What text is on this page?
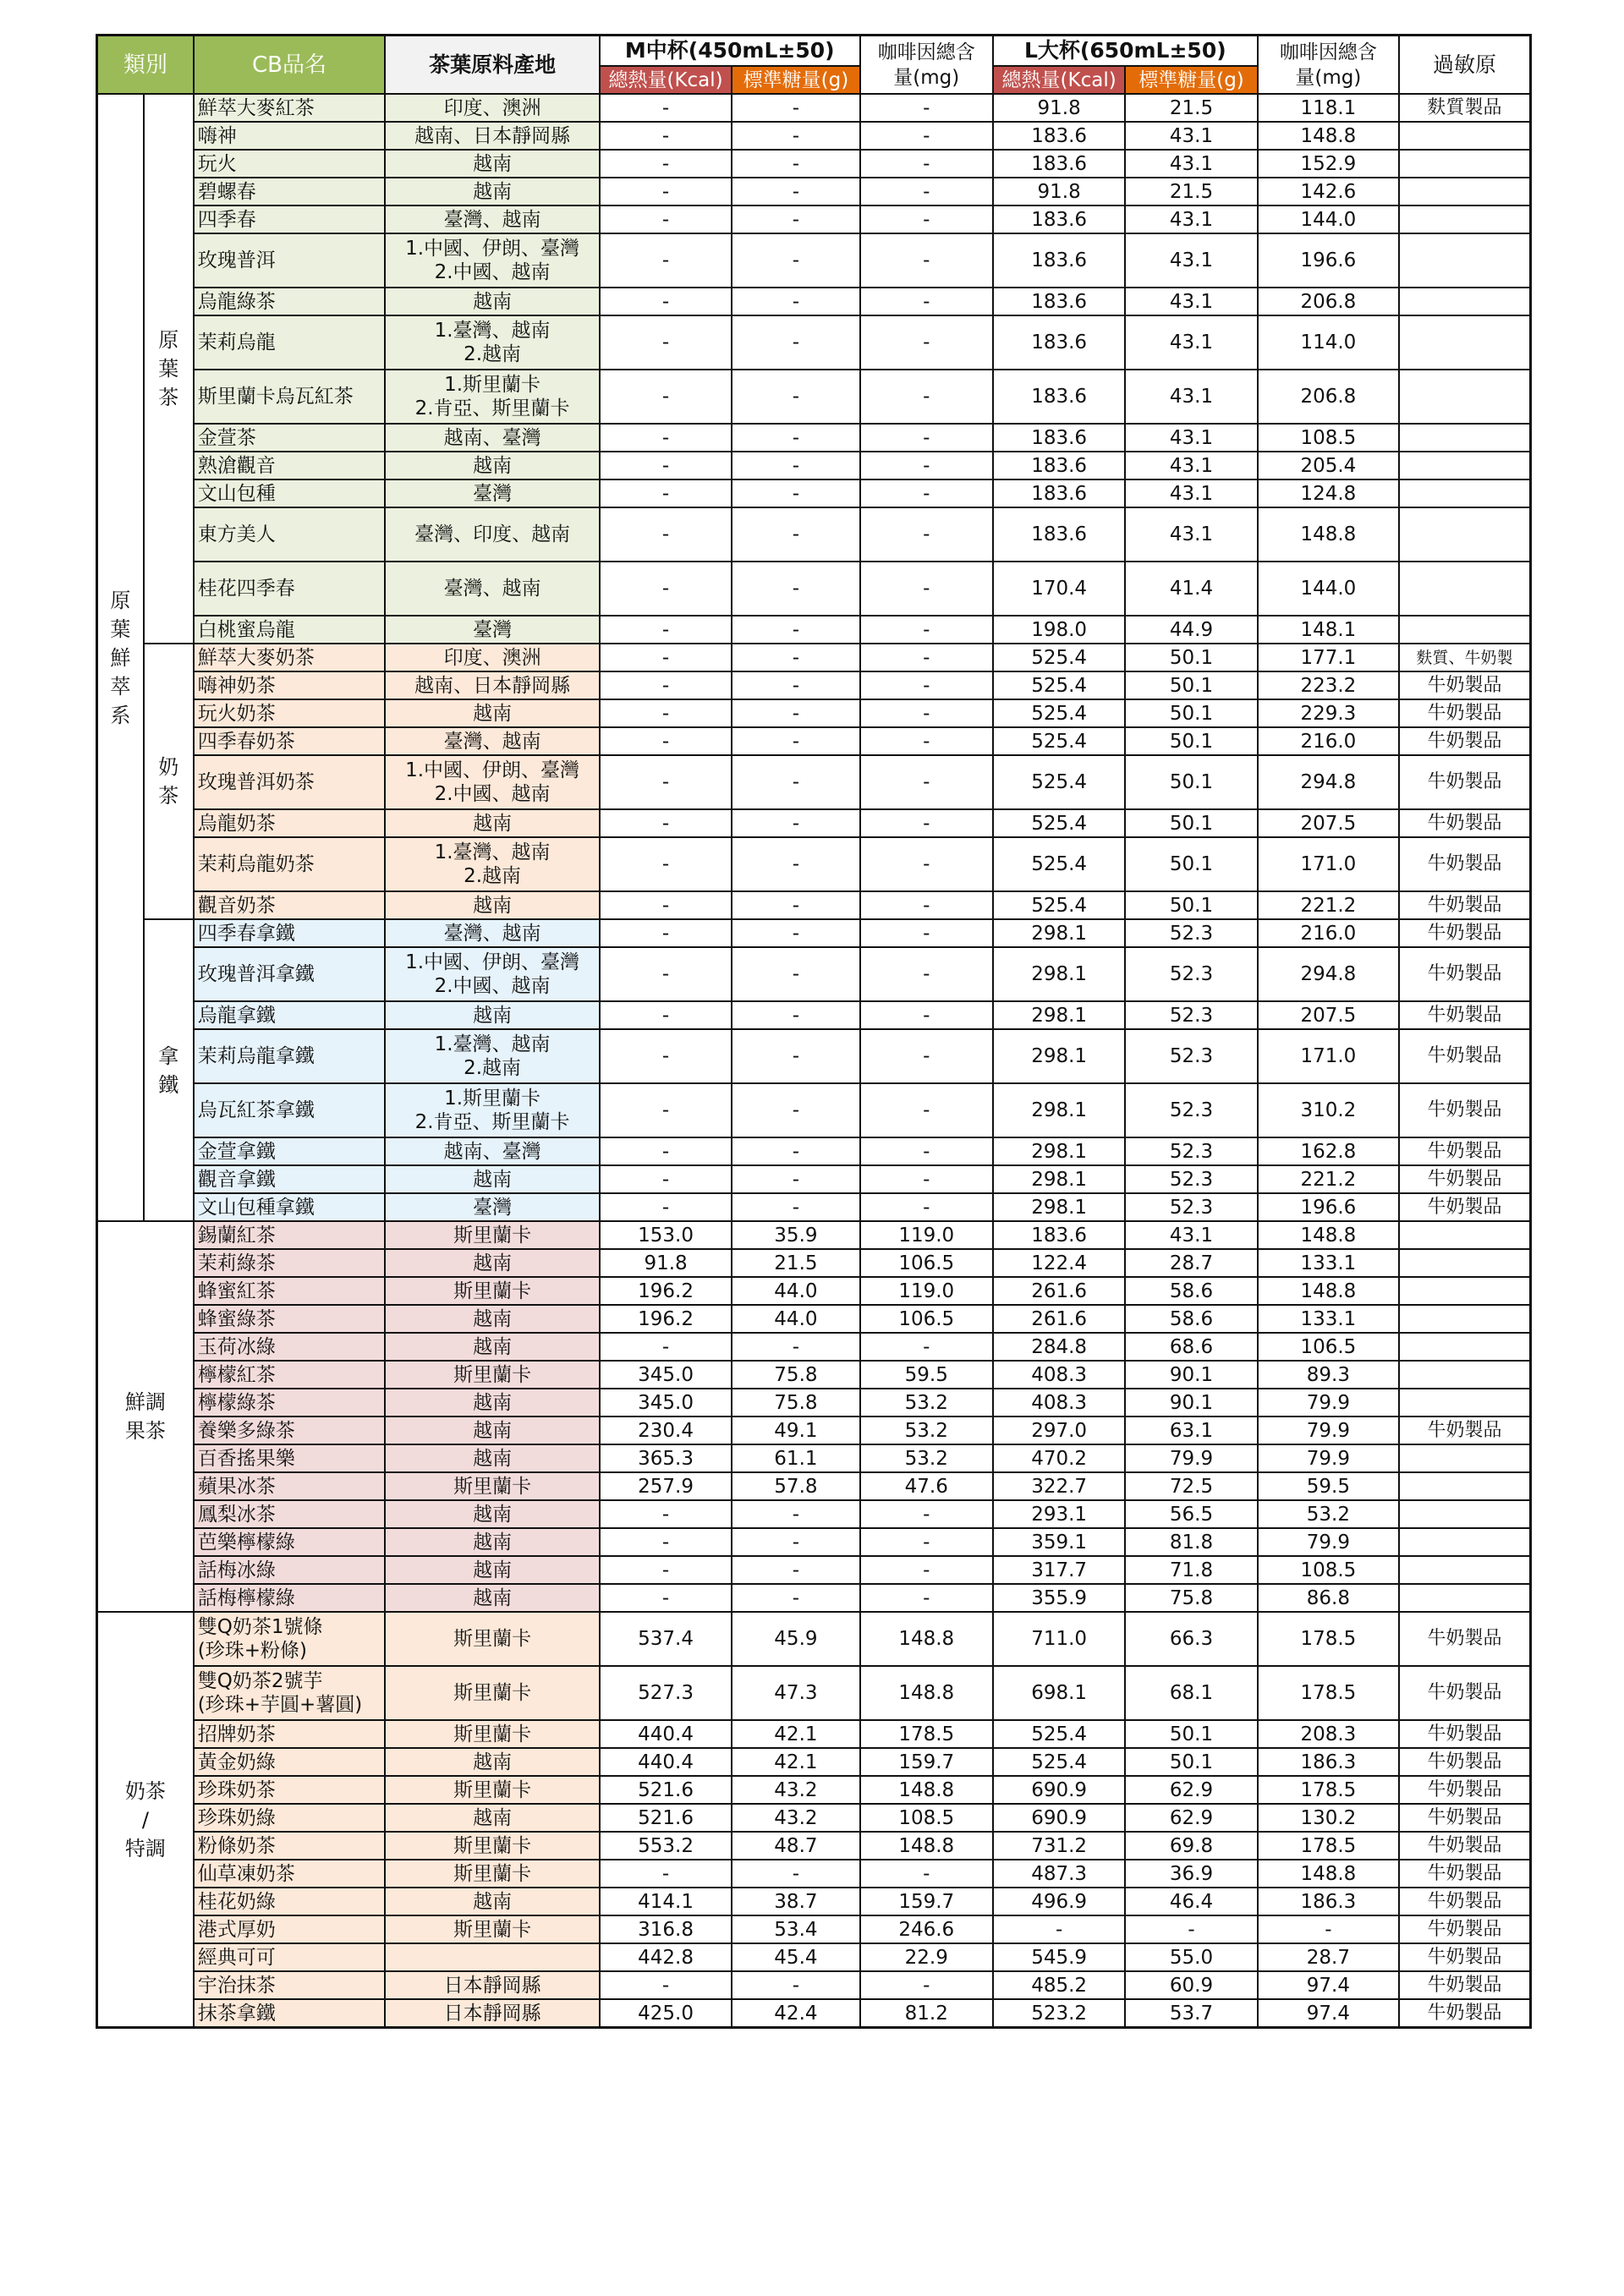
類別		CB品名	茶葉原料產地	M中杯(450mL±50)		咖啡因總含
量(mg)	L大杯(650mL±50)		咖啡因總含
量(mg)	過敏原
				總熱量(Kcal)	標準糖量(g)		總熱量(Kcal)	標準糖量(g)		

原
葉
鮮
萃
系	原
葉
茶	鮮萃大麥紅茶	印度、澳洲	-	-	-	91.8	21.5	118.1	麩質製品

		嗨神	越南、日本靜岡縣	-	-	-	183.6	43.1	148.8	

		玩火	越南	-	-	-	183.6	43.1	152.9	

		碧螺春	越南	-	-	-	91.8	21.5	142.6	

		四季春	臺灣、越南	-	-	-	183.6	43.1	144.0	

		玫瑰普洱	1.中國、伊朗、臺灣
2.中國、越南	-	-	-	183.6	43.1	196.6	

		烏龍綠茶	越南	-	-	-	183.6	43.1	206.8	

		茉莉烏龍	1.臺灣、越南
2.越南	-	-	-	183.6	43.1	114.0	

		斯里蘭卡烏瓦紅茶	1.斯里蘭卡
2.肯亞、斯里蘭卡	-	-	-	183.6	43.1	206.8	

		金萱茶	越南、臺灣	-	-	-	183.6	43.1	108.5	

		熟滄觀音	越南	-	-	-	183.6	43.1	205.4	

		文山包種	臺灣	-	-	-	183.6	43.1	124.8	

		東方美人	臺灣、印度、越南	-	-	-	183.6	43.1	148.8	

		桂花四季春	臺灣、越南	-	-	-	170.4	41.4	144.0	

		白桃蜜烏龍	臺灣	-	-	-	198.0	44.9	148.1	

	奶
茶	鮮萃大麥奶茶	印度、澳洲	-	-	-	525.4	50.1	177.1	麩質、牛奶製

		嗨神奶茶	越南、日本靜岡縣	-	-	-	525.4	50.1	223.2	牛奶製品

		玩火奶茶	越南	-	-	-	525.4	50.1	229.3	牛奶製品

		四季春奶茶	臺灣、越南	-	-	-	525.4	50.1	216.0	牛奶製品

		玫瑰普洱奶茶	1.中國、伊朗、臺灣
2.中國、越南	-	-	-	525.4	50.1	294.8	牛奶製品

		烏龍奶茶	越南	-	-	-	525.4	50.1	207.5	牛奶製品

		茉莉烏龍奶茶	1.臺灣、越南
2.越南	-	-	-	525.4	50.1	171.0	牛奶製品

		觀音奶茶	越南	-	-	-	525.4	50.1	221.2	牛奶製品

	拿
鐵	四季春拿鐵	臺灣、越南	-	-	-	298.1	52.3	216.0	牛奶製品

		玫瑰普洱拿鐵	1.中國、伊朗、臺灣
2.中國、越南	-	-	-	298.1	52.3	294.8	牛奶製品

		烏龍拿鐵	越南	-	-	-	298.1	52.3	207.5	牛奶製品

		茉莉烏龍拿鐵	1.臺灣、越南
2.越南	-	-	-	298.1	52.3	171.0	牛奶製品

		烏瓦紅茶拿鐵	1.斯里蘭卡
2.肯亞、斯里蘭卡	-	-	-	298.1	52.3	310.2	牛奶製品

		金萱拿鐵	越南、臺灣	-	-	-	298.1	52.3	162.8	牛奶製品

		觀音拿鐵	越南	-	-	-	298.1	52.3	221.2	牛奶製品

		文山包種拿鐵	臺灣	-	-	-	298.1	52.3	196.6	牛奶製品

鮮調
果茶		錫蘭紅茶	斯里蘭卡	153.0	35.9	119.0	183.6	43.1	148.8	

		茉莉綠茶	越南	91.8	21.5	106.5	122.4	28.7	133.1	

		蜂蜜紅茶	斯里蘭卡	196.2	44.0	119.0	261.6	58.6	148.8	

		蜂蜜綠茶	越南	196.2	44.0	106.5	261.6	58.6	133.1	

		玉荷冰綠	越南	-	-	-	284.8	68.6	106.5	

		檸檬紅茶	斯里蘭卡	345.0	75.8	59.5	408.3	90.1	89.3	

		檸檬綠茶	越南	345.0	75.8	53.2	408.3	90.1	79.9	

		養樂多綠茶	越南	230.4	49.1	53.2	297.0	63.1	79.9	牛奶製品

		百香搖果樂	越南	365.3	61.1	53.2	470.2	79.9	79.9	

		蘋果冰茶	斯里蘭卡	257.9	57.8	47.6	322.7	72.5	59.5	

		鳳梨冰茶	越南	-	-	-	293.1	56.5	53.2	

		芭樂檸檬綠	越南	-	-	-	359.1	81.8	79.9	

		話梅冰綠	越南	-	-	-	317.7	71.8	108.5	

		話梅檸檬綠	越南	-	-	-	355.9	75.8	86.8	

奶茶
/
特調		雙Q奶茶1號條
(珍珠+粉條)	斯里蘭卡	537.4	45.9	148.8	711.0	66.3	178.5	牛奶製品

		雙Q奶茶2號芋
(珍珠+芋圓+薯圓)	斯里蘭卡	527.3	47.3	148.8	698.1	68.1	178.5	牛奶製品

		招牌奶茶	斯里蘭卡	440.4	42.1	178.5	525.4	50.1	208.3	牛奶製品

		黃金奶綠	越南	440.4	42.1	159.7	525.4	50.1	186.3	牛奶製品

		珍珠奶茶	斯里蘭卡	521.6	43.2	148.8	690.9	62.9	178.5	牛奶製品

		珍珠奶綠	越南	521.6	43.2	108.5	690.9	62.9	130.2	牛奶製品

		粉條奶茶	斯里蘭卡	553.2	48.7	148.8	731.2	69.8	178.5	牛奶製品

		仙草凍奶茶	斯里蘭卡	-	-	-	487.3	36.9	148.8	牛奶製品

		桂花奶綠	越南	414.1	38.7	159.7	496.9	46.4	186.3	牛奶製品

		港式厚奶	斯里蘭卡	316.8	53.4	246.6	-	-	-	牛奶製品

		經典可可		442.8	45.4	22.9	545.9	55.0	28.7	牛奶製品

		宇治抹茶	日本靜岡縣	-	-	-	485.2	60.9	97.4	牛奶製品

		抹茶拿鐵	日本靜岡縣	425.0	42.4	81.2	523.2	53.7	97.4	牛奶製品
